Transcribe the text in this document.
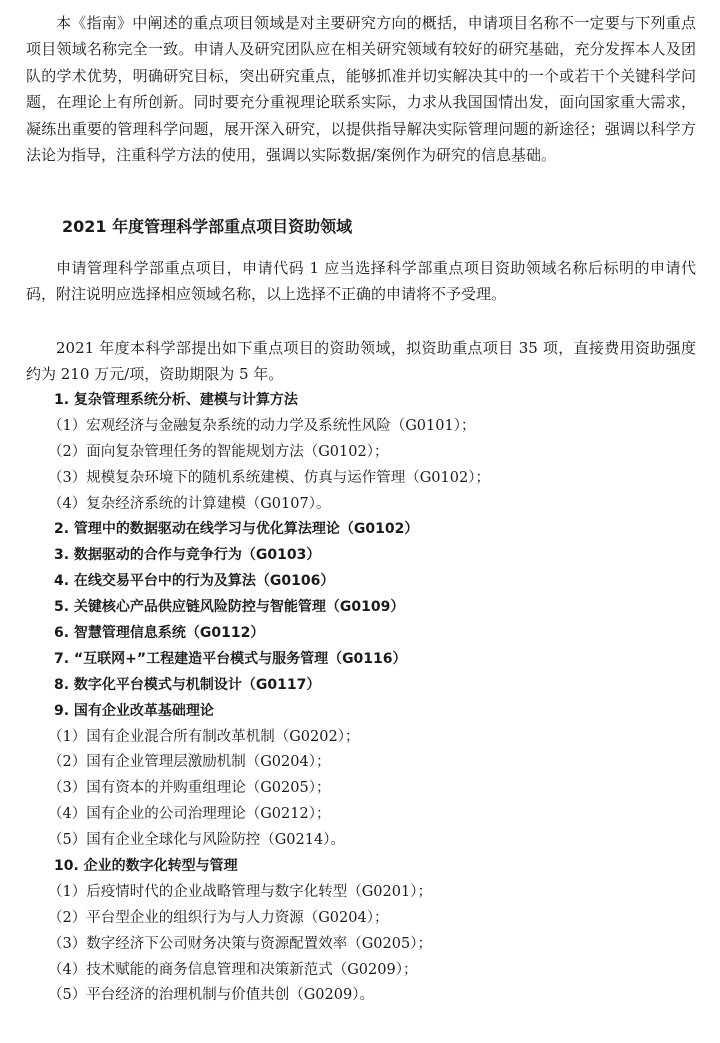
本《指南》中阐述的重点项目领域是对主要研究方向的概括，申请项目名称不一定要与下列重点项目领域名称完全一致。申请人及研究团队应在相关研究领域有较好的研究基础，充分发挥本人及团队的学术优势，明确研究目标，突出研究重点，能够抓准并切实解决其中的一个或若干个关键科学问题，在理论上有所创新。同时要充分重视理论联系实际，力求从我国国情出发，面向国家重大需求，凝练出重要的管理科学问题，展开深入研究，以提供指导解决实际管理问题的新途径；强调以科学方法论为指导，注重科学方法的使用，强调以实际数据/案例作为研究的信息基础。

2021 年度管理科学部重点项目资助领域

申请管理科学部重点项目，申请代码 1 应当选择科学部重点项目资助领域名称后标明的申请代码，附注说明应选择相应领域名称，以上选择不正确的申请将不予受理。

2021 年度本科学部提出如下重点项目的资助领域，拟资助重点项目 35 项，直接费用资助强度约为 210 万元/项，资助期限为 5 年。

1. 复杂管理系统分析、建模与计算方法
（1）宏观经济与金融复杂系统的动力学及系统性风险（G0101）；
（2）面向复杂管理任务的智能规划方法（G0102）；
（3）规模复杂环境下的随机系统建模、仿真与运作管理（G0102）；
（4）复杂经济系统的计算建模（G0107）。
2. 管理中的数据驱动在线学习与优化算法理论（G0102）
3. 数据驱动的合作与竞争行为（G0103）
4. 在线交易平台中的行为及算法（G0106）
5. 关键核心产品供应链风险防控与智能管理（G0109）
6. 智慧管理信息系统（G0112）
7. “互联网+”工程建造平台模式与服务管理（G0116）
8. 数字化平台模式与机制设计（G0117）
9. 国有企业改革基础理论
（1）国有企业混合所有制改革机制（G0202）；
（2）国有企业管理层激励机制（G0204）；
（3）国有资本的并购重组理论（G0205）；
（4）国有企业的公司治理理论（G0212）；
（5）国有企业全球化与风险防控（G0214）。
10. 企业的数字化转型与管理
（1）后疫情时代的企业战略管理与数字化转型（G0201）；
（2）平台型企业的组织行为与人力资源（G0204）；
（3）数字经济下公司财务决策与资源配置效率（G0205）；
（4）技术赋能的商务信息管理和决策新范式（G0209）；
（5）平台经济的治理机制与价值共创（G0209）。
